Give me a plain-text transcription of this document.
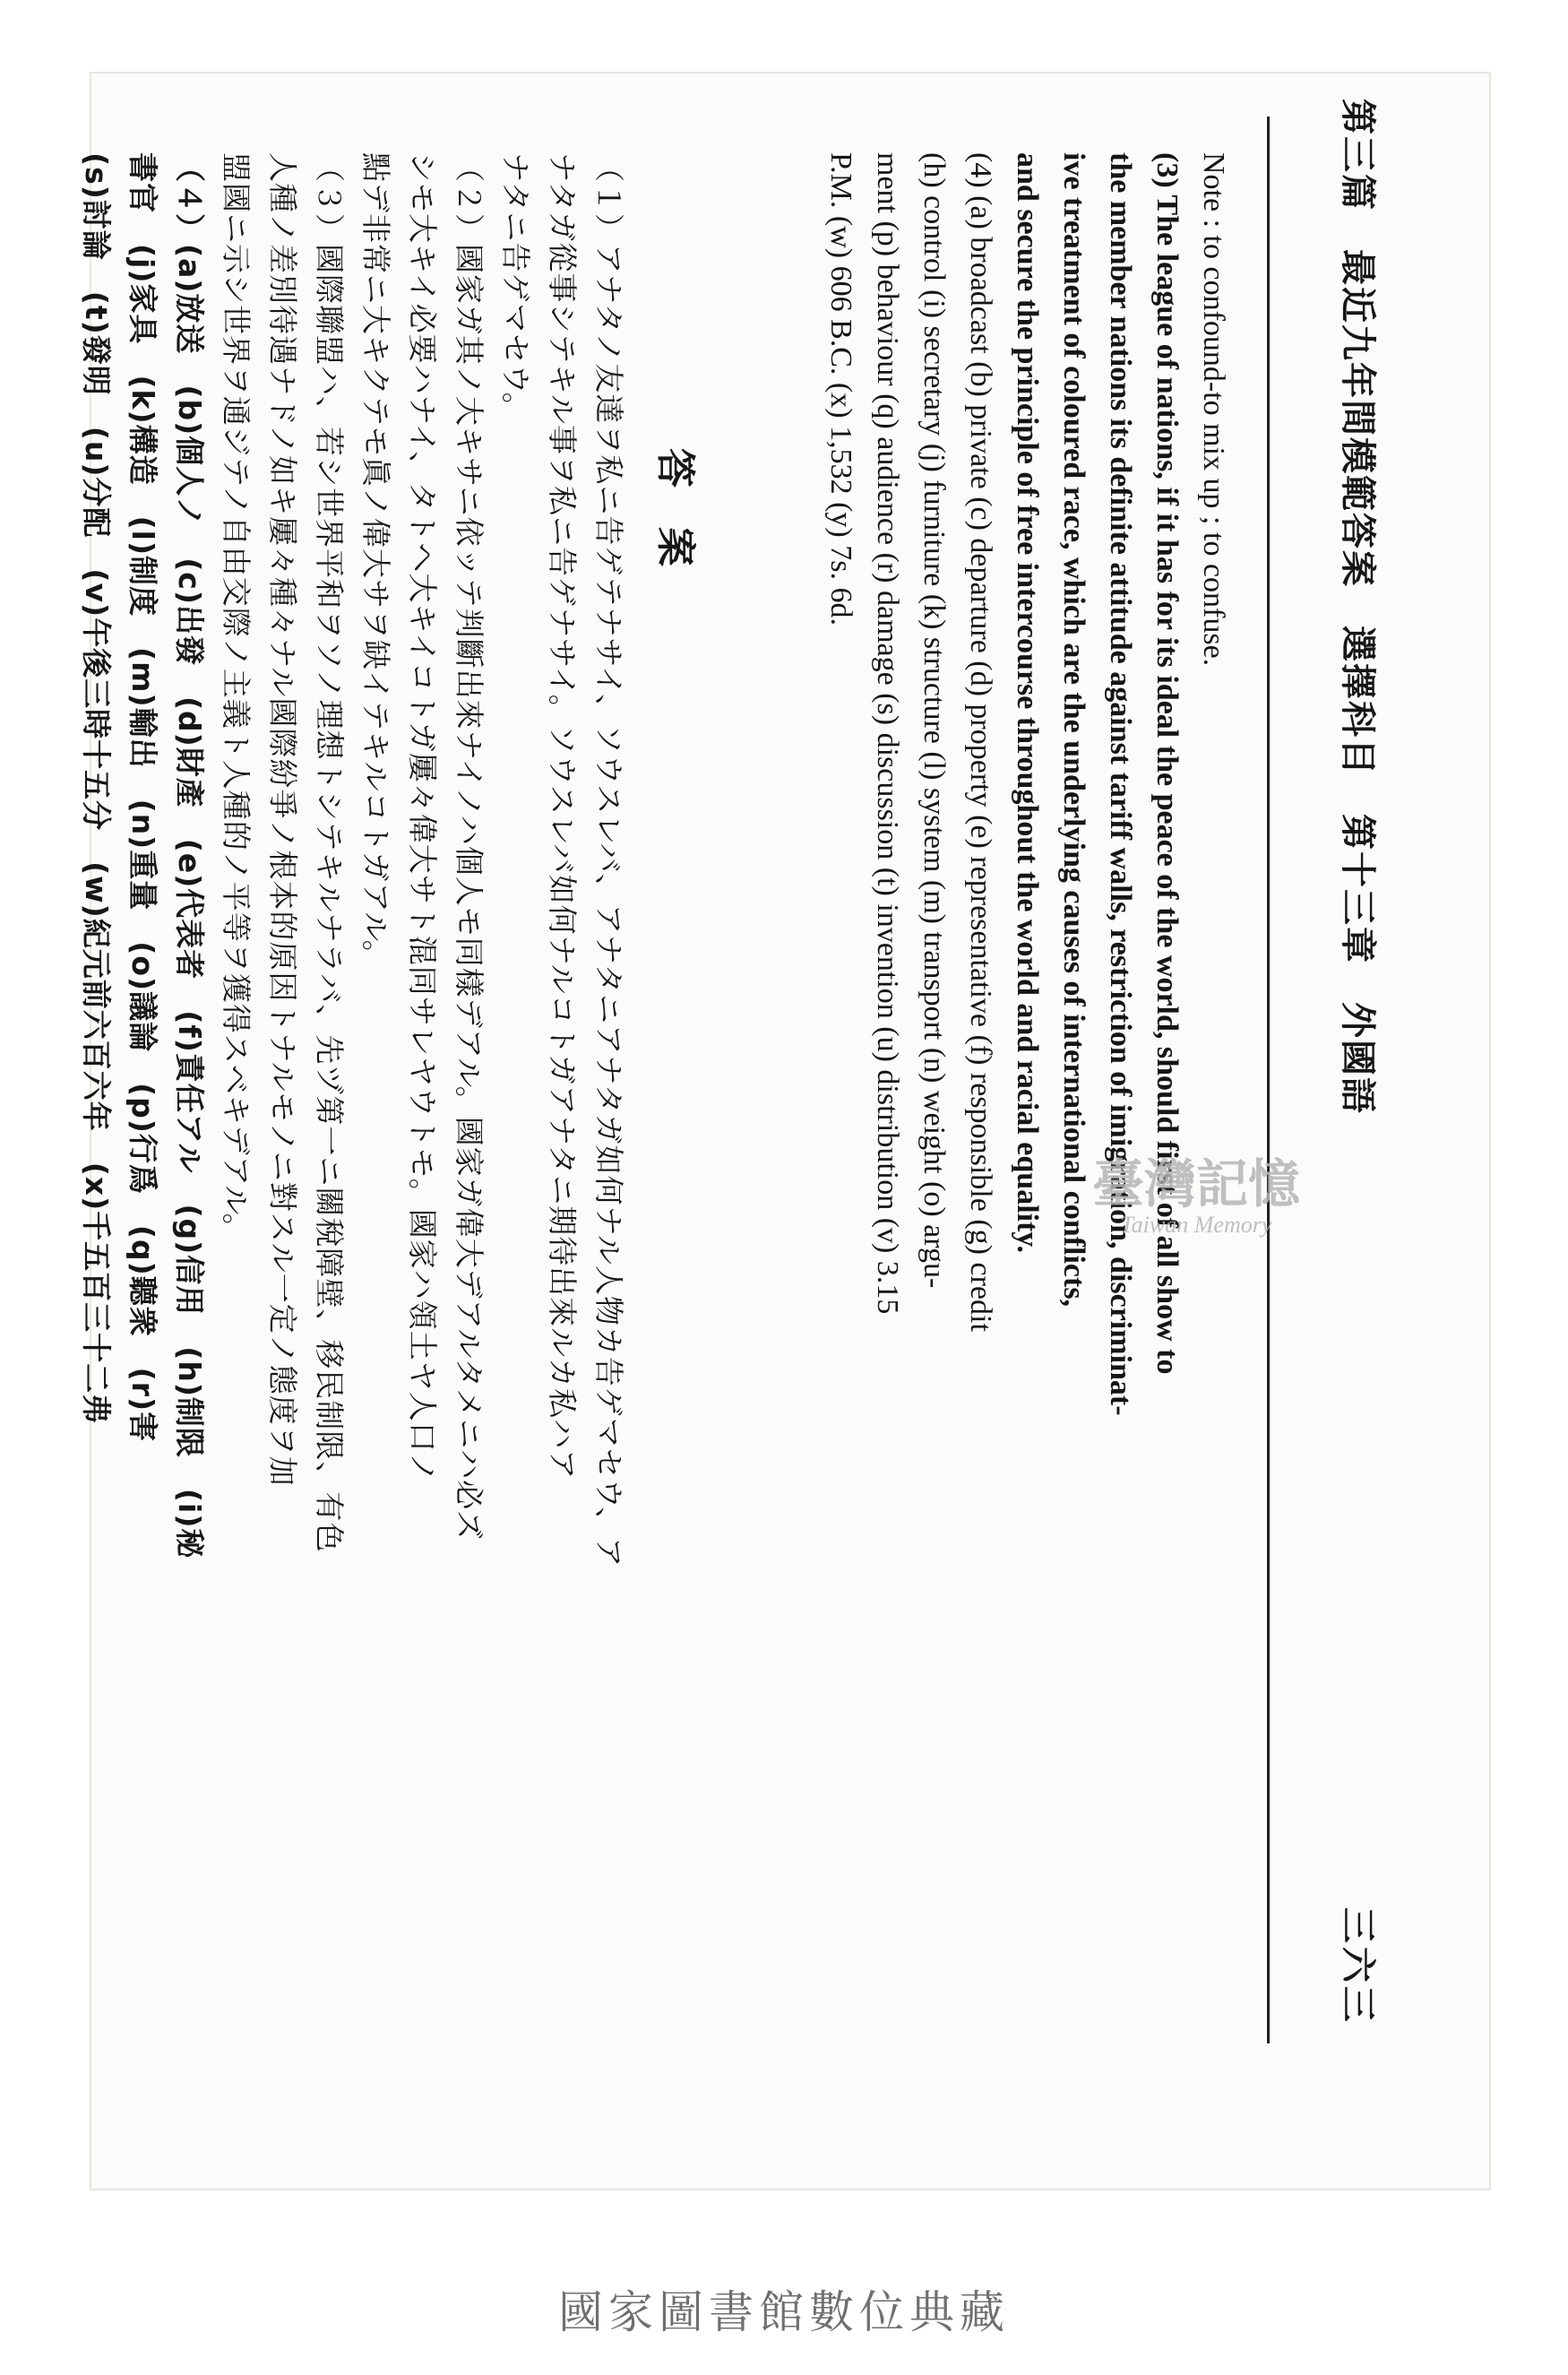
第三篇　最近九年間模範答案　選擇科目　第十三章　外國語
三六三
Note : to confound-to mix up ; to confuse.
(3) The league of nations, if it has for its ideal the peace of the world, should first of all show to
the member nations its definite attitude against tariff walls, restriction of imigration, discriminat-
ive treatment of coloured race, which are the underlying causes of international conflicts,
and secure the principle of free intercourse throughout the world and racial equality.
(4) (a) broadcast (b) private (c) departure (d) property (e) representative (f) responsible (g) credit
(h) control (i) secretary (j) furniture (k) structure (l) system (m) transport (n) weight (o) argu-
ment (p) behaviour (q) audience (r) damage (s) discussion (t) invention (u) distribution (v) 3.15
P.M. (w) 606 B.C. (x) 1,532 (y) 7s. 6d.
答　案
（１）アナタノ友達ヲ私ニ告ゲテナサイ、ソウスレバ、アナタニアナタガ如何ナル人物カ告ゲマセウ、ア
ナタガ從事シテキル事ヲ私ニ告ゲナサイ。ソウスレバ如何ナルコトガアナタニ期待出來ルカ私ハア
ナタニ告ゲマセウ。
（２）國家ガ其ノ大キサニ依ッテ判斷出來ナイノハ個人モ同樣デアル。國家ガ偉大デアルタメニハ必ズ
シモ大キイ必要ハナイ、タトヘ大キイコトガ屢々偉大サト混同サレヤウトモ。國家ハ領土ヤ人口ノ
點デ非常ニ大キクテモ眞ノ偉大サヲ缺イテキルコトガアル。
（３）國際聯盟ハ、若シ世界平和ヲソノ理想トシテキルナラバ、先ヅ第一ニ關稅障壁、移民制限、有色
人種ノ差別待遇ナドノ如キ屢々種々ナル國際紛爭ノ根本的原因トナルモノニ對スル一定ノ態度ヲ加
盟國ニ示シ世界ヲ通ジテノ自由交際ノ主義ト人種的ノ平等ヲ獲得スベキデアル。
（４）(a)放送　(b)個人ノ　(c)出發　(d)財產　(e)代表者　(f)責任アル　(g)信用　(h)制限　(i)秘
書官　(j)家具　(k)構造　(l)制度　(m)輸出　(n)重量　(o)議論　(p)行爲　(q)聽衆　(r)害
(s)討論　(t)發明　(u)分配　(v)午後三時十五分　(w)紀元前六百六年　(x)千五百三十二弗	臺灣記憶
Taiwan Memory
國家圖書館數位典藏
